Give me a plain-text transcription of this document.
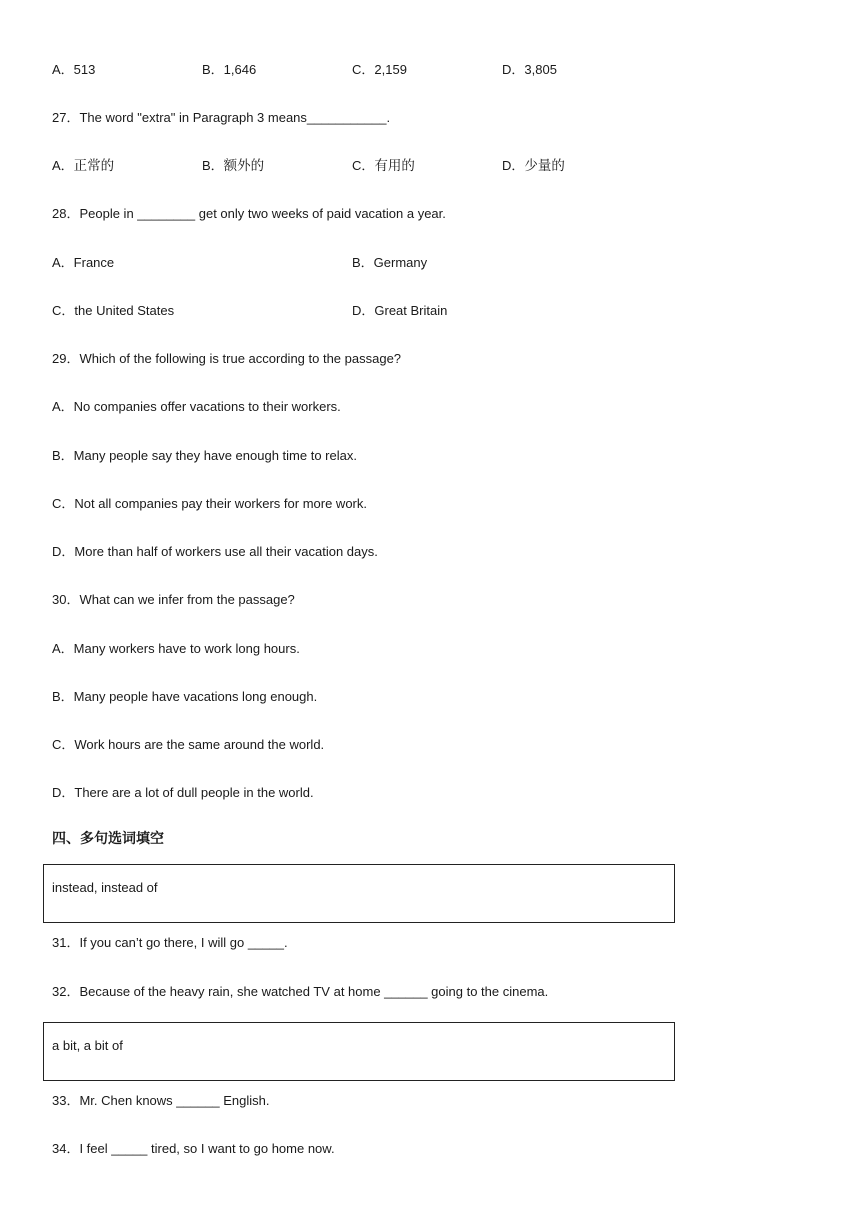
A．513	B．1,646	C．2,159	D．3,805
27．The word "extra" in Paragraph 3 means___________.
A．正常的	B．额外的	C．有用的	D．少量的
28．People in ________ get only two weeks of paid vacation a year.
A．France	B．Germany
C．the United States	D．Great Britain
29．Which of the following is true according to the passage?
A．No companies offer vacations to their workers.
B．Many people say they have enough time to relax.
C．Not all companies pay their workers for more work.
D．More than half of workers use all their vacation days.
30．What can we infer from the passage?
A．Many workers have to work long hours.
B．Many people have vacations long enough.
C．Work hours are the same around the world.
D．There are a lot of dull people in the world.
四、多句选词填空
instead, instead of
31．If you can’t go there, I will go _____.
32．Because of the heavy rain, she watched TV at home ______ going to the cinema.
a bit, a bit of
33．Mr. Chen knows ______ English.
34．I feel _____ tired, so I want to go home now.
